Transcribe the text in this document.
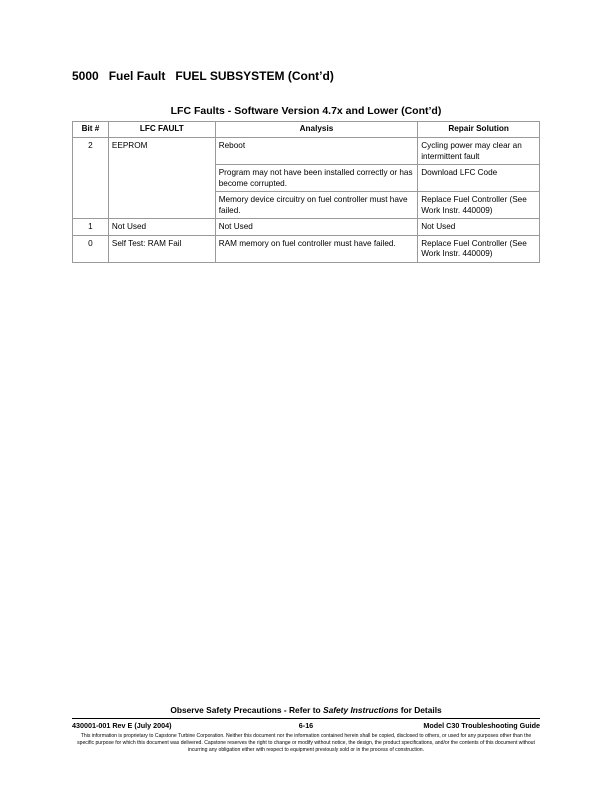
5000 Fuel Fault FUEL SUBSYSTEM (Cont’d)
LFC Faults - Software Version 4.7x and Lower (Cont’d)
Bit #	LFC FAULT	Analysis	Repair Solution
2	EEPROM	Reboot	Cycling power may clear an intermittent fault
		Program may not have been installed correctly or has become corrupted.	Download LFC Code
		Memory device circuitry on fuel controller must have failed.	Replace Fuel Controller (See Work Instr. 440009)
1	Not Used	Not Used	Not Used
0	Self Test: RAM Fail	RAM memory on fuel controller must have failed.	Replace Fuel Controller (See Work Instr. 440009)
Observe Safety Precautions - Refer to Safety Instructions for Details
430001-001 Rev E (July 2004)	6-16	Model C30 Troubleshooting Guide
This information is proprietary to Capstone Turbine Corporation. Neither this document nor the information contained herein shall be copied, disclosed to others, or used for any purposes other than the specific purpose for which this document was delivered. Capstone reserves the right to change or modify without notice, the design, the product specifications, and/or the contents of this document without incurring any obligation either with respect to equipment previously sold or in the process of construction.
